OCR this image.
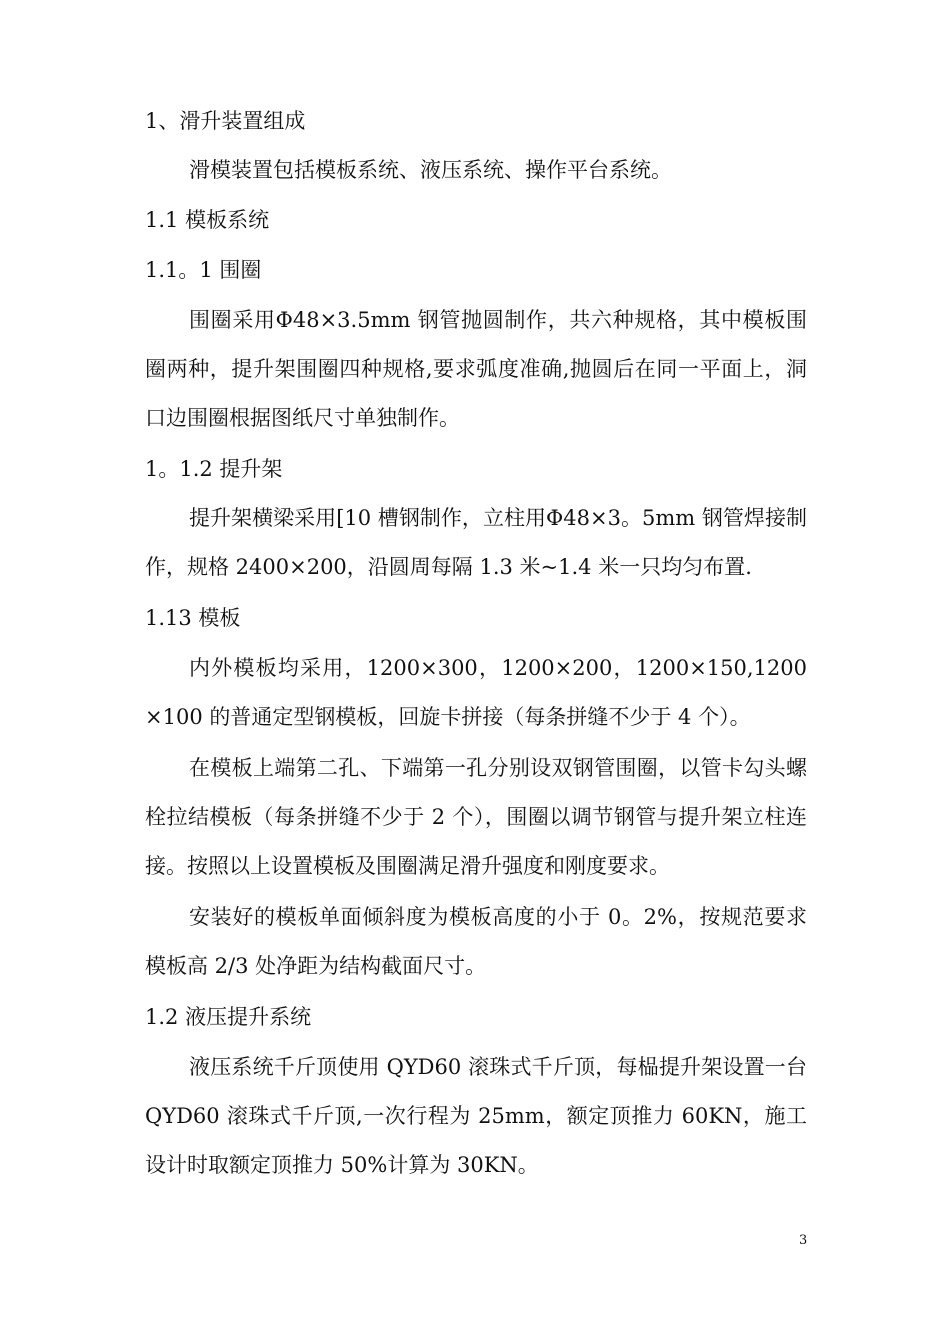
1、滑升装置组成
滑模装置包括模板系统、液压系统、操作平台系统。
1.1 模板系统
1.1。1 围圈
围圈采用Φ48×3.5mm 钢管抛圆制作，共六种规格，其中模板围圈两种，提升架围圈四种规格,要求弧度准确,抛圆后在同一平面上，洞口边围圈根据图纸尺寸单独制作。
1。1.2 提升架
提升架横梁采用[10 槽钢制作，立柱用Φ48×3。5mm 钢管焊接制作，规格 2400×200，沿圆周每隔 1.3 米~1.4 米一只均匀布置.
1.13 模板
内外模板均采用，1200×300，1200×200，1200×150,1200×100 的普通定型钢模板，回旋卡拼接（每条拼缝不少于 4 个）。
在模板上端第二孔、下端第一孔分别设双钢管围圈，以管卡勾头螺栓拉结模板（每条拼缝不少于 2 个），围圈以调节钢管与提升架立柱连接。按照以上设置模板及围圈满足滑升强度和刚度要求。
安装好的模板单面倾斜度为模板高度的小于 0。2%，按规范要求模板高 2/3 处净距为结构截面尺寸。
1.2 液压提升系统
液压系统千斤顶使用 QYD60 滚珠式千斤顶，每榀提升架设置一台 QYD60 滚珠式千斤顶,一次行程为 25mm，额定顶推力 60KN，施工设计时取额定顶推力 50%计算为 30KN。
3
